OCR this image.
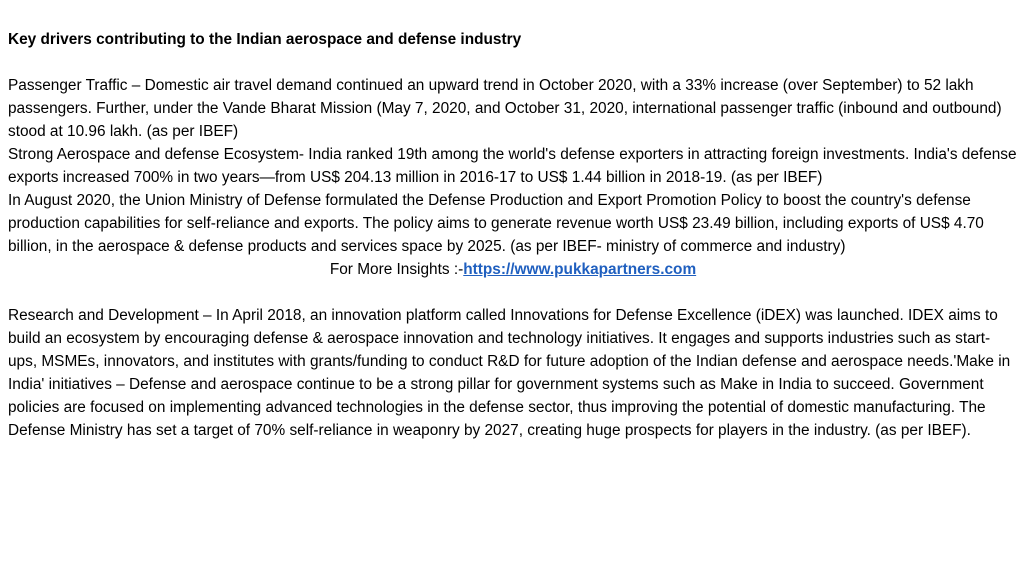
Key drivers contributing to the Indian aerospace and defense industry

Passenger Traffic – Domestic air travel demand continued an upward trend in October 2020, with a 33% increase (over September) to 52 lakh passengers. Further, under the Vande Bharat Mission (May 7, 2020, and October 31, 2020, international passenger traffic (inbound and outbound) stood at 10.96 lakh. (as per IBEF)

Strong Aerospace and defense Ecosystem- India ranked 19th among the world's defense exporters in attracting foreign investments. India's defense exports increased 700% in two years—from US$ 204.13 million in 2016-17 to US$ 1.44 billion in 2018-19. (as per IBEF)

In August 2020, the Union Ministry of Defense formulated the Defense Production and Export Promotion Policy to boost the country's defense production capabilities for self-reliance and exports. The policy aims to generate revenue worth US$ 23.49 billion, including exports of US$ 4.70 billion, in the aerospace & defense products and services space by 2025. (as per IBEF- ministry of commerce and industry)

For More Insights :-https://www.pukkapartners.com

Research and Development – In April 2018, an innovation platform called Innovations for Defense Excellence (iDEX) was launched. IDEX aims to build an ecosystem by encouraging defense & aerospace innovation and technology initiatives. It engages and supports industries such as start-ups, MSMEs, innovators, and institutes with grants/funding to conduct R&D for future adoption of the Indian defense and aerospace needs.'Make in India' initiatives – Defense and aerospace continue to be a strong pillar for government systems such as Make in India to succeed. Government policies are focused on implementing advanced technologies in the defense sector, thus improving the potential of domestic manufacturing. The Defense Ministry has set a target of 70% self-reliance in weaponry by 2027, creating huge prospects for players in the industry. (as per IBEF).
